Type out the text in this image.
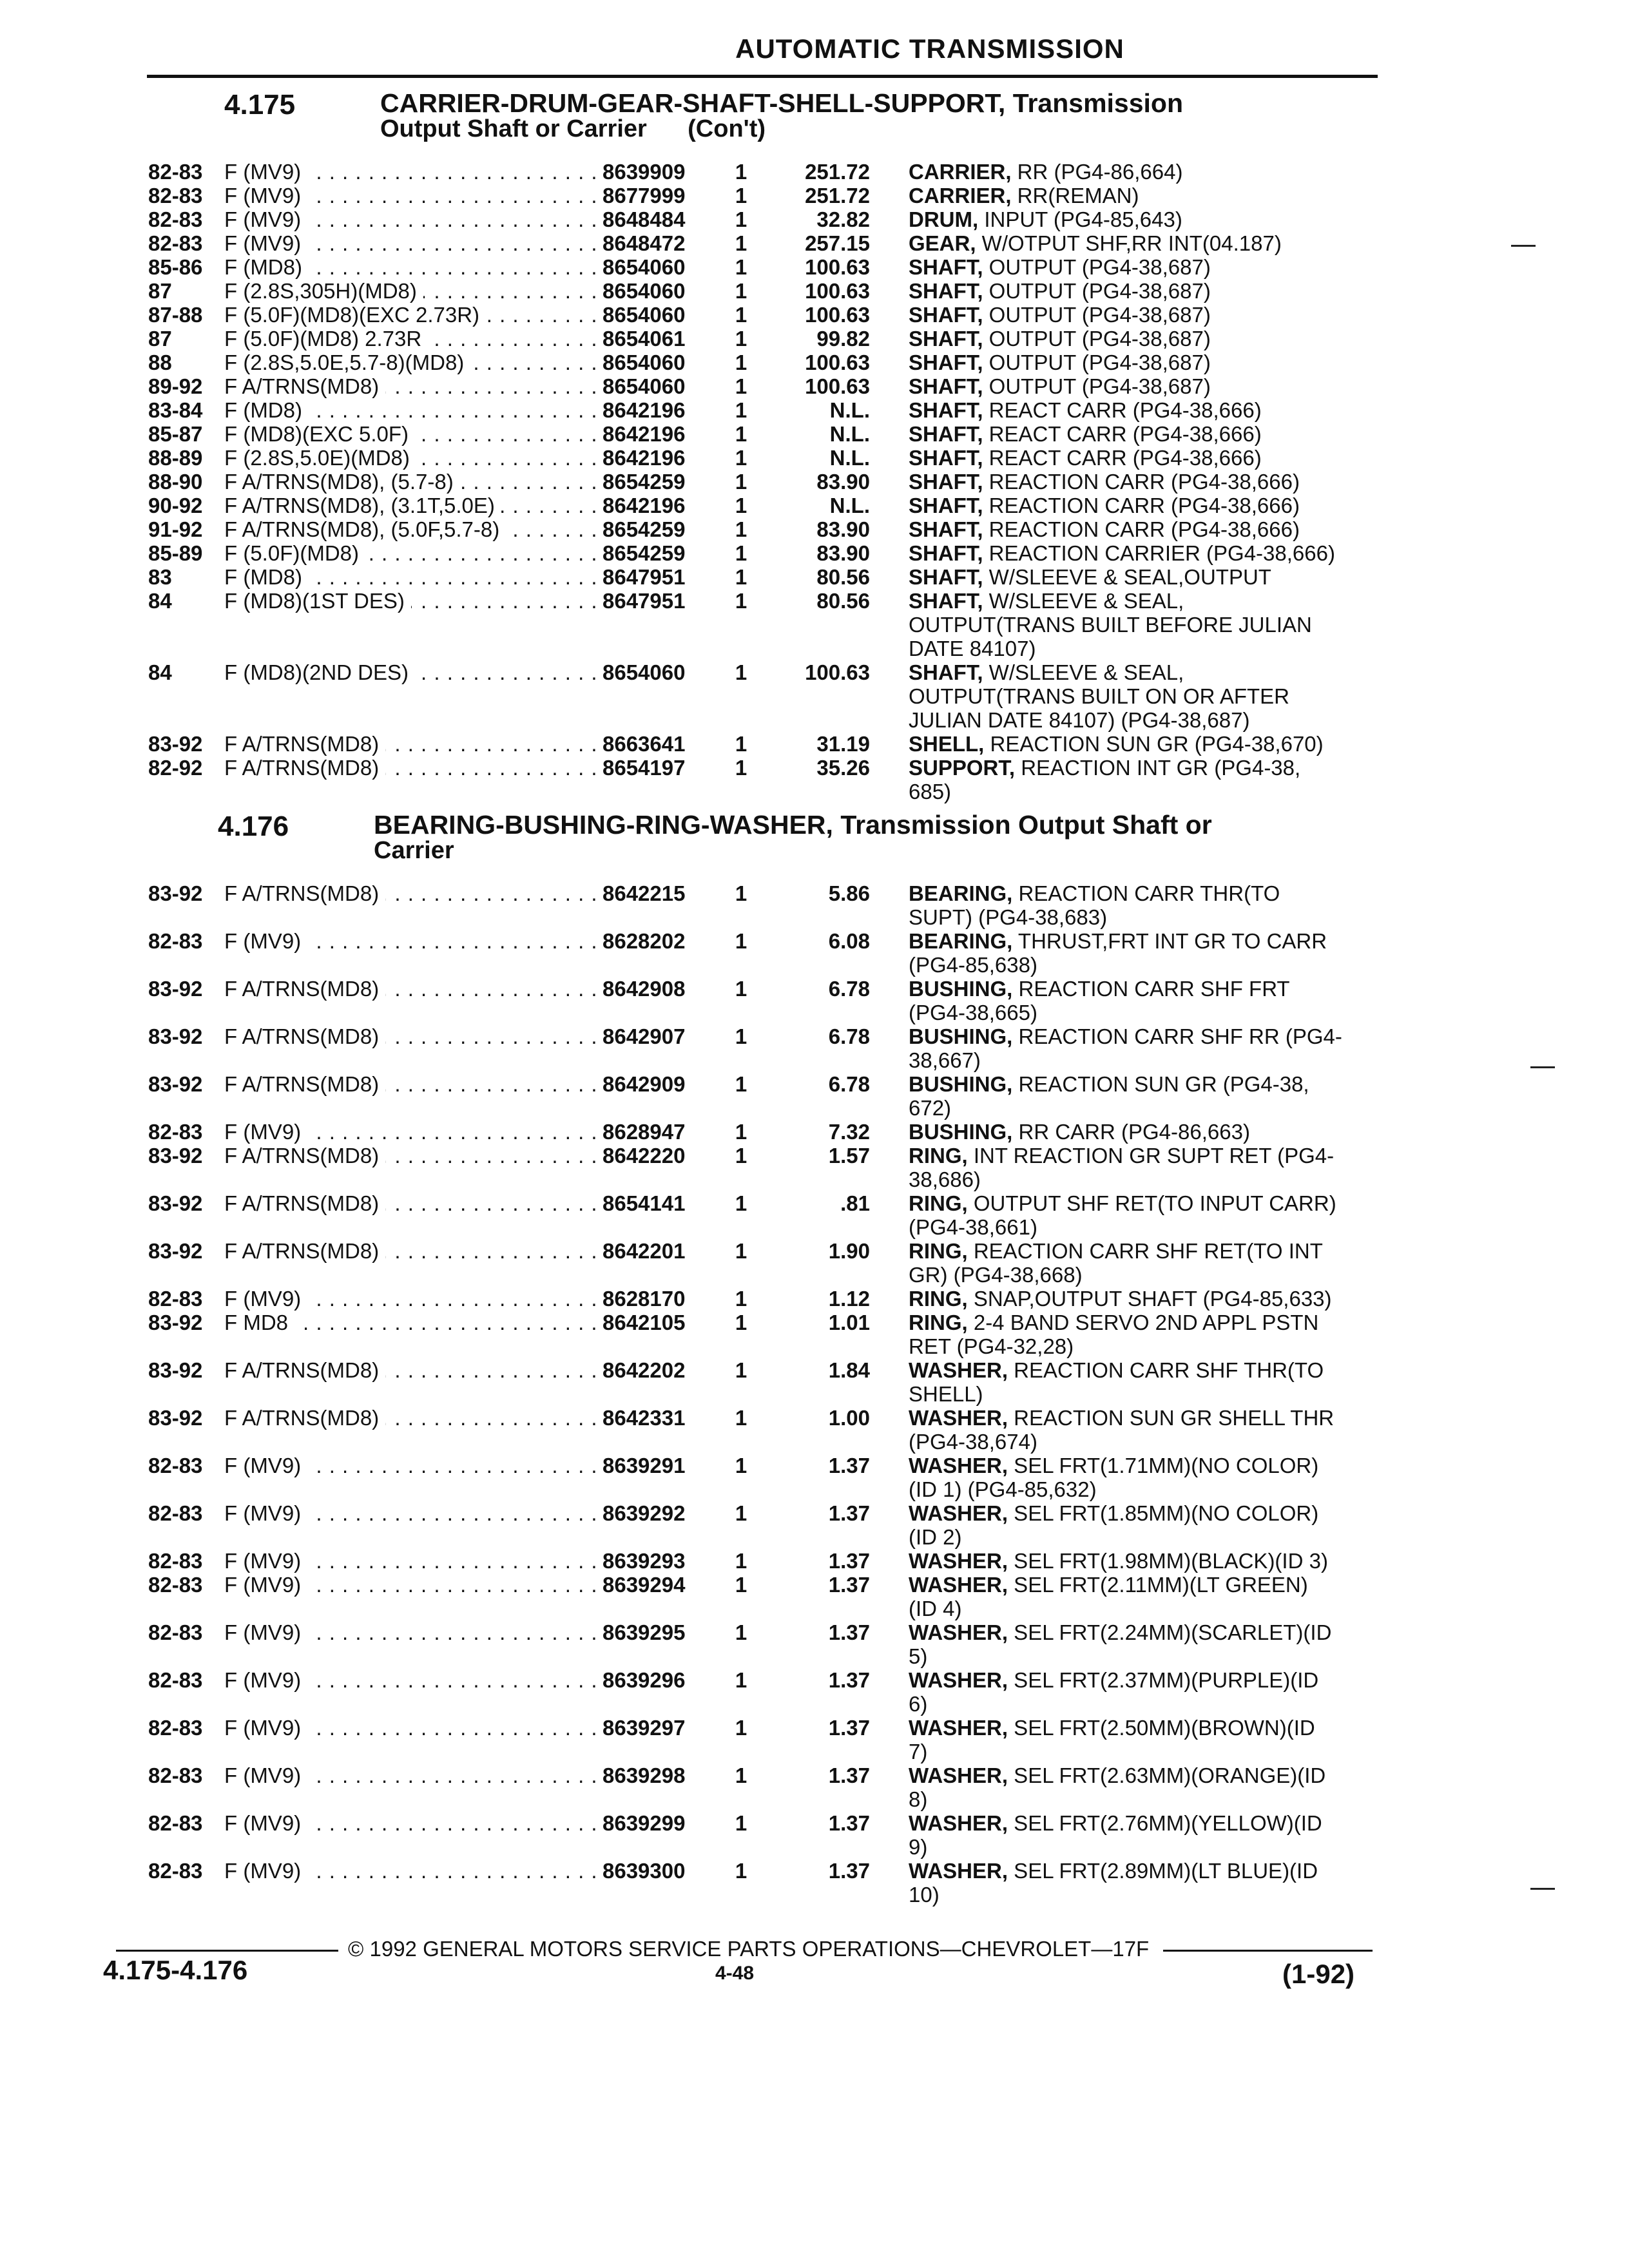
AUTOMATIC TRANSMISSION
4.175	CARRIER-DRUM-GEAR-SHAFT-SHELL-SUPPORT, Transmission
Output Shaft or Carrier      (Con't)
82-83	F (MV9) . . .	8639909	1	251.72 CARRIER, RR (PG4-86,664)
82-83	F (MV9) . . .	8677999	1	251.72 CARRIER, RR(REMAN)
82-83	F (MV9) . . .	8648484	1	32.82 DRUM, INPUT (PG4-85,643)
82-83	F (MV9) . . .	8648472	1	257.15 GEAR, W/OTPUT SHF,RR INT(04.187)
85-86	F (MD8) . . .	8654060	1	100.63 SHAFT, OUTPUT (PG4-38,687)
87	F (2.8S,305H)(MD8) . . .	8654060	1	100.63 SHAFT, OUTPUT (PG4-38,687)
87-88	F (5.0F)(MD8)(EXC 2.73R) . . .	8654060	1	100.63 SHAFT, OUTPUT (PG4-38,687)
87	F (5.0F)(MD8) 2.73R . . .	8654061	1	99.82 SHAFT, OUTPUT (PG4-38,687)
88	F (2.8S,5.0E,5.7-8)(MD8) . . .	8654060	1	100.63 SHAFT, OUTPUT (PG4-38,687)
89-92	F A/TRNS(MD8) . . .	8654060	1	100.63 SHAFT, OUTPUT (PG4-38,687)
83-84	F (MD8) . . .	8642196	1	N.L. SHAFT, REACT CARR (PG4-38,666)
85-87	F (MD8)(EXC 5.0F) . . .	8642196	1	N.L. SHAFT, REACT CARR (PG4-38,666)
88-89	F (2.8S,5.0E)(MD8) . . .	8642196	1	N.L. SHAFT, REACT CARR (PG4-38,666)
88-90	F A/TRNS(MD8), (5.7-8) . . .	8654259	1	83.90 SHAFT, REACTION CARR (PG4-38,666)
90-92	F A/TRNS(MD8), (3.1T,5.0E) . . .	8642196	1	N.L. SHAFT, REACTION CARR (PG4-38,666)
91-92	F A/TRNS(MD8), (5.0F,5.7-8) . . .	8654259	1	83.90 SHAFT, REACTION CARR (PG4-38,666)
85-89	F (5.0F)(MD8) . . .	8654259	1	83.90 SHAFT, REACTION CARRIER (PG4-38,666)
83	F (MD8) . . .	8647951	1	80.56 SHAFT, W/SLEEVE & SEAL,OUTPUT
84	F (MD8)(1ST DES) . . .	8647951	1	80.56 SHAFT, W/SLEEVE & SEAL,
OUTPUT(TRANS BUILT BEFORE JULIAN
DATE 84107)
84	F (MD8)(2ND DES) . . .	8654060	1	100.63 SHAFT, W/SLEEVE & SEAL,
OUTPUT(TRANS BUILT ON OR AFTER
JULIAN DATE 84107) (PG4-38,687)
83-92	F A/TRNS(MD8) . . .	8663641	1	31.19 SHELL, REACTION SUN GR (PG4-38,670)
82-92	F A/TRNS(MD8) . . .	8654197	1	35.26 SUPPORT, REACTION INT GR (PG4-38,
685)
4.176	BEARING-BUSHING-RING-WASHER, Transmission Output Shaft or
Carrier
83-92	F A/TRNS(MD8) . . .	8642215	1	5.86 BEARING, REACTION CARR THR(TO
SUPT) (PG4-38,683)
82-83	F (MV9) . . .	8628202	1	6.08 BEARING, THRUST,FRT INT GR TO CARR
(PG4-85,638)
83-92	F A/TRNS(MD8) . . .	8642908	1	6.78 BUSHING, REACTION CARR SHF FRT
(PG4-38,665)
83-92	F A/TRNS(MD8) . . .	8642907	1	6.78 BUSHING, REACTION CARR SHF RR (PG4-
38,667)
83-92	F A/TRNS(MD8) . . .	8642909	1	6.78 BUSHING, REACTION SUN GR (PG4-38,
672)
82-83	F (MV9) . . .	8628947	1	7.32 BUSHING, RR CARR (PG4-86,663)
83-92	F A/TRNS(MD8) . . .	8642220	1	1.57 RING, INT REACTION GR SUPT RET (PG4-
38,686)
83-92	F A/TRNS(MD8) . . .	8654141	1	.81 RING, OUTPUT SHF RET(TO INPUT CARR)
(PG4-38,661)
83-92	F A/TRNS(MD8) . . .	8642201	1	1.90 RING, REACTION CARR SHF RET(TO INT
GR) (PG4-38,668)
82-83	F (MV9) . . .	8628170	1	1.12 RING, SNAP,OUTPUT SHAFT (PG4-85,633)
83-92	F MD8 . . .	8642105	1	1.01 RING, 2-4 BAND SERVO 2ND APPL PSTN
RET (PG4-32,28)
83-92	F A/TRNS(MD8) . . .	8642202	1	1.84 WASHER, REACTION CARR SHF THR(TO
SHELL)
83-92	F A/TRNS(MD8) . . .	8642331	1	1.00 WASHER, REACTION SUN GR SHELL THR
(PG4-38,674)
82-83	F (MV9) . . .	8639291	1	1.37 WASHER, SEL FRT(1.71MM)(NO COLOR)
(ID 1) (PG4-85,632)
82-83	F (MV9) . . .	8639292	1	1.37 WASHER, SEL FRT(1.85MM)(NO COLOR)
(ID 2)
82-83	F (MV9) . . .	8639293	1	1.37 WASHER, SEL FRT(1.98MM)(BLACK)(ID 3)
82-83	F (MV9) . . .	8639294	1	1.37 WASHER, SEL FRT(2.11MM)(LT GREEN)
(ID 4)
82-83	F (MV9) . . .	8639295	1	1.37 WASHER, SEL FRT(2.24MM)(SCARLET)(ID
5)
82-83	F (MV9) . . .	8639296	1	1.37 WASHER, SEL FRT(2.37MM)(PURPLE)(ID
6)
82-83	F (MV9) . . .	8639297	1	1.37 WASHER, SEL FRT(2.50MM)(BROWN)(ID
7)
82-83	F (MV9) . . .	8639298	1	1.37 WASHER, SEL FRT(2.63MM)(ORANGE)(ID
8)
82-83	F (MV9) . . .	8639299	1	1.37 WASHER, SEL FRT(2.76MM)(YELLOW)(ID
9)
82-83	F (MV9) . . .	8639300	1	1.37 WASHER, SEL FRT(2.89MM)(LT BLUE)(ID
10)
© 1992 GENERAL MOTORS SERVICE PARTS OPERATIONS—CHEVROLET—17F
4.175-4.176	4-48	(1-92)
